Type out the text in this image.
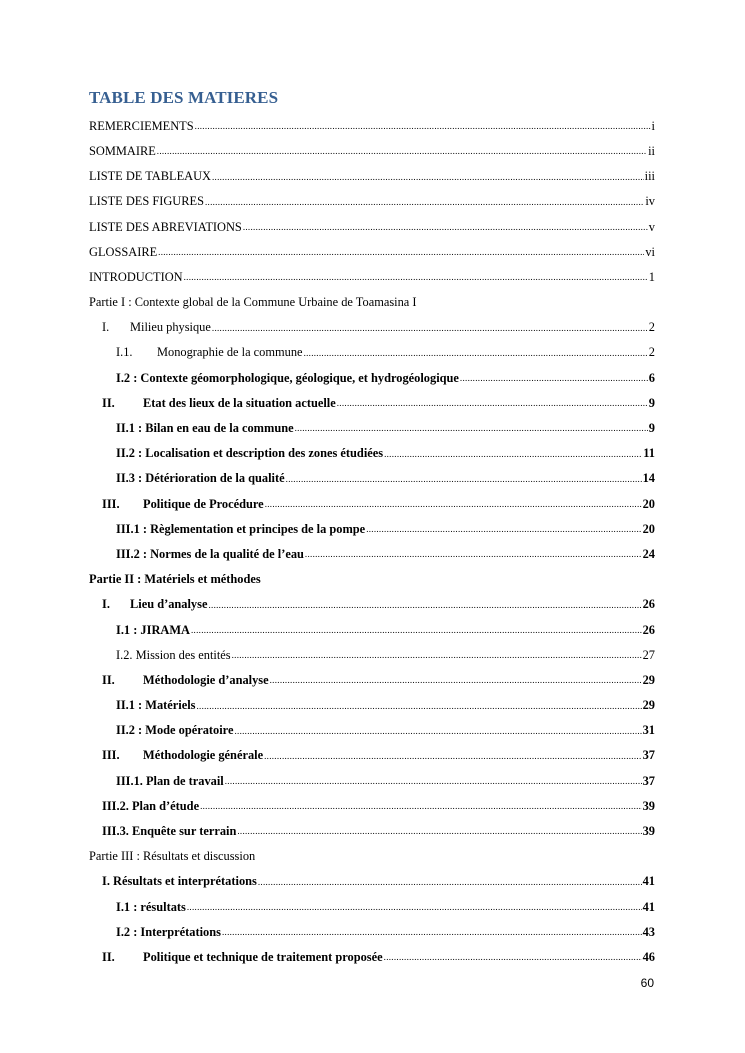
TABLE DES MATIERES
REMERCIEMENTS .....	i
SOMMAIRE .....	ii
LISTE DE TABLEAUX .....	iii
LISTE DES FIGURES .....	iv
LISTE DES ABREVIATIONS .....	v
GLOSSAIRE .....	vi
INTRODUCTION .....	1
Partie I : Contexte global de la Commune Urbaine de Toamasina I
I.	Milieu physique .....	2
I.1.	Monographie de la commune .....	2
I.2 : Contexte géomorphologique, géologique, et hydrogéologique .....	6
II.	Etat des lieux de la situation actuelle .....	9
II.1 : Bilan en eau de la commune .....	9
II.2 : Localisation et description des zones étudiées .....	11
II.3 : Détérioration de la qualité .....	14
III.	Politique de Procédure .....	20
III.1 : Règlementation et principes de la pompe .....	20
III.2 : Normes de la qualité de l’eau .....	24
Partie II : Matériels et méthodes
I.	Lieu d’analyse .....	26
I.1 : JIRAMA .....	26
I.2. Mission des entités .....	27
II.	Méthodologie d’analyse .....	29
II.1 : Matériels .....	29
II.2 : Mode opératoire .....	31
III.	Méthodologie générale .....	37
III.1. Plan de travail .....	37
III.2. Plan d’étude .....	39
III.3. Enquête sur terrain .....	39
Partie III : Résultats et discussion
I. Résultats et interprétations .....	41
I.1 : résultats .....	41
I.2 : Interprétations .....	43
II.	Politique et technique de traitement proposée .....	46
60
